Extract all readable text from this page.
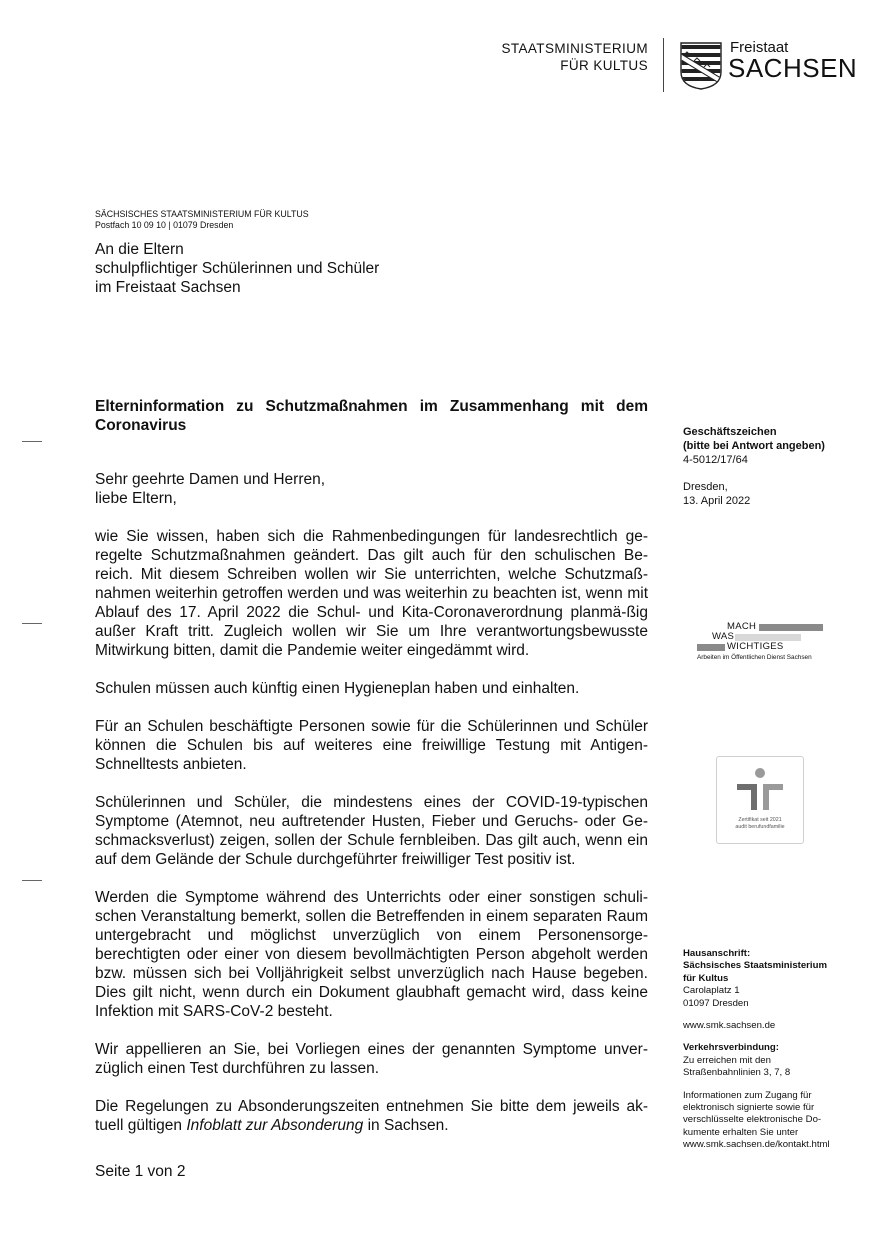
STAATSMINISTERIUM
FÜR KULTUS
Freistaat
SACHSEN
SÄCHSISCHES STAATSMINISTERIUM FÜR KULTUS
Postfach 10 09 10 | 01079 Dresden
An die Eltern
schulpflichtiger Schülerinnen und Schüler
im Freistaat Sachsen
Elterninformation zu Schutzmaßnahmen im Zusammenhang mit dem Coronavirus
Sehr geehrte Damen und Herren,
liebe Eltern,

wie Sie wissen, haben sich die Rahmenbedingungen für landesrechtlich ge-regelte Schutzmaßnahmen geändert. Das gilt auch für den schulischen Be-reich. Mit diesem Schreiben wollen wir Sie unterrichten, welche Schutzmaß-nahmen weiterhin getroffen werden und was weiterhin zu beachten ist, wenn mit Ablauf des 17. April 2022 die Schul- und Kita-Coronaverordnung planmä-ßig außer Kraft tritt. Zugleich wollen wir Sie um Ihre verantwortungsbewusste Mitwirkung bitten, damit die Pandemie weiter eingedämmt wird.

Schulen müssen auch künftig einen Hygieneplan haben und einhalten.

Für an Schulen beschäftigte Personen sowie für die Schülerinnen und Schüler können die Schulen bis auf weiteres eine freiwillige Testung mit Antigen-Schnelltests anbieten.

Schülerinnen und Schüler, die mindestens eines der COVID-19-typischen Symptome (Atemnot, neu auftretender Husten, Fieber und Geruchs- oder Ge-schmacksverlust) zeigen, sollen der Schule fernbleiben. Das gilt auch, wenn ein auf dem Gelände der Schule durchgeführter freiwilliger Test positiv ist.

Werden die Symptome während des Unterrichts oder einer sonstigen schuli-schen Veranstaltung bemerkt, sollen die Betreffenden in einem separaten Raum untergebracht und möglichst unverzüglich von einem Personensorge-berechtigten oder einer von diesem bevollmächtigten Person abgeholt werden bzw. müssen sich bei Volljährigkeit selbst unverzüglich nach Hause begeben. Dies gilt nicht, wenn durch ein Dokument glaubhaft gemacht wird, dass keine Infektion mit SARS-CoV-2 besteht.

Wir appellieren an Sie, bei Vorliegen eines der genannten Symptome unver-züglich einen Test durchführen zu lassen.

Die Regelungen zu Absonderungszeiten entnehmen Sie bitte dem jeweils ak-tuell gültigen Infoblatt zur Absonderung in Sachsen.

Seite 1 von 2
Geschäftszeichen
(bitte bei Antwort angeben)
4-5012/17/64
Dresden,
13. April 2022
MACH
WAS
WICHTIGES
Arbeiten im Öffentlichen Dienst Sachsen
Zertifikat seit 2021
audit berufundfamilie
Hausanschrift:
Sächsisches Staatsministerium
für Kultus
Carolaplatz 1
01097 Dresden
www.smk.sachsen.de
Verkehrsverbindung:
Zu erreichen mit den
Straßenbahnlinien 3, 7, 8
Informationen zum Zugang für
elektronisch signierte sowie für
verschlüsselte elektronische Do-
kumente erhalten Sie unter
www.smk.sachsen.de/kontakt.html
